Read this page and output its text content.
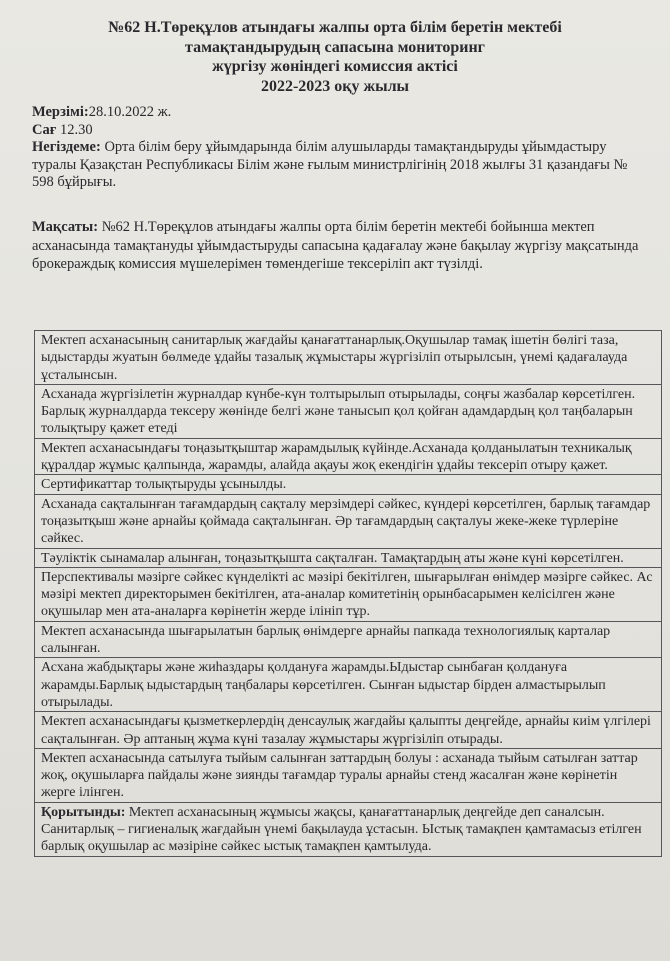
№62 Н.Төреқұлов атындағы жалпы орта білім беретін мектебі
тамақтандырудың сапасына мониторинг
жүргізу жөніндегі комиссия актісі
2022-2023 оқу жылы

Мерзімі:28.10.2022 ж.

Сағ 12.30

Негіздеме: Орта білім беру ұйымдарында білім алушыларды тамақтандыруды ұйымдастыру туралы Қазақстан Республикасы Білім және ғылым министрлігінің 2018 жылғы 31 қазандағы № 598 бұйрығы.

Мақсаты: №62 Н.Төреқұлов атындағы жалпы орта білім беретін мектебі бойынша мектеп асханасында тамақтануды ұйымдастыруды сапасына қадағалау және бақылау жүргізу мақсатында брокераждық комиссия мүшелерімен төмендегіше тексеріліп акт түзілді.

Мектеп асханасының санитарлық жағдайы қанағаттанарлық.Оқушылар тамақ ішетін бөлігі таза, ыдыстарды жуатын бөлмеде ұдайы тазалық жұмыстары жүргізіліп отырылсын, үнемі қадағалауда ұсталынсын.
Асханада жүргізілетін журналдар күнбе-күн толтырылып отырылады, соңғы жазбалар көрсетілген. Барлық журналдарда тексеру жөнінде белгі және танысып қол қойған адамдардың қол таңбаларын толықтыру қажет етеді
Мектеп асханасындағы тоңазытқыштар жарамдылық күйінде.Асханада қолданылатын техникалық құралдар жұмыс қалпында, жарамды, алайда ақауы жоқ екендігін ұдайы тексеріп отыру қажет.
Сертификаттар толықтыруды ұсынылды.
Асханада сақталынған тағамдардың сақталу мерзімдері сәйкес, күндері көрсетілген, барлық тағамдар тоңазытқыш және арнайы қоймада сақталынған. Әр тағамдардың сақталуы жеке-жеке түрлеріне сәйкес.
Тәуліктік сынамалар алынған, тоңазытқышта сақталған. Тамақтардың аты және күні көрсетілген.
Перспективалы мәзірге сәйкес күнделікті ас мәзірі бекітілген, шығарылған өнімдер мәзірге сәйкес. Ас мәзірі мектеп директорымен бекітілген, ата-аналар комитетінің орынбасарымен келісілген және оқушылар мен ата-аналарға көрінетін жерде ілініп тұр.
Мектеп асханасында шығарылатын барлық өнімдерге арнайы папкада технологиялық карталар салынған.
Асхана жабдықтары және жиһаздары қолдануға жарамды.Ыдыстар сынбаған қолдануға жарамды.Барлық ыдыстардың таңбалары көрсетілген. Сынған ыдыстар бірден алмастырылып отырылады.
Мектеп асханасындағы қызметкерлердің денсаулық жағдайы қалыпты деңгейде, арнайы киім үлгілері сақталынған. Әр аптаның жұма күні тазалау жұмыстары жүргізіліп отырады.
Мектеп асханасында сатылуға тыйым салынған заттардың болуы : асханада тыйым сатылған заттар жоқ, оқушыларға пайдалы және зиянды тағамдар туралы арнайы стенд жасалған және көрінетін жерге ілінген.
Қорытынды: Мектеп асханасының жұмысы жақсы, қанағаттанарлық деңгейде деп саналсын. Санитарлық – гигиеналық жағдайын үнемі бақылауда ұстасын. Ыстық тамақпен қамтамасыз етілген барлық оқушылар ас мәзіріне сәйкес ыстық тамақпен қамтылуда.
